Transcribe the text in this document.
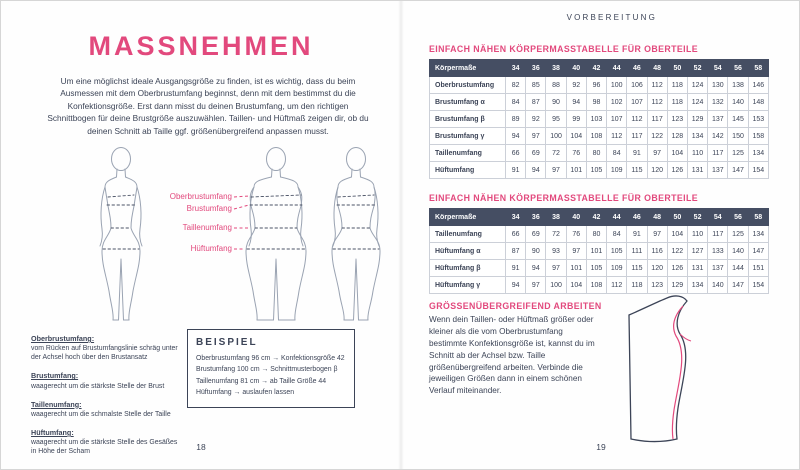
MASSNEHMEN

Um eine möglichst ideale Ausgangsgröße zu finden, ist es wichtig, dass du beim Ausmessen mit dem Oberbrustumfang beginnst, denn mit dem bestimmst du die Konfektionsgröße. Erst dann misst du deinen Brustumfang, um den richtigen Schnittbogen für deine Brustgröße auszuwählen. Taillen- und Hüftmaß zeigen dir, ob du deinen Schnitt ab Taille ggf. größenübergreifend anpassen musst.

Oberbrustumfang
Brustumfang
Taillenumfang
Hüftumfang
Oberbrustumfang:
vom Rücken auf Brustumfangslinie schräg unter der Achsel hoch über den Brustansatz
Brustumfang:
waagerecht um die stärkste Stelle der Brust
Taillenumfang:
waagerecht um die schmalste Stelle der Taille
Hüftumfang:
waagerecht um die stärkste Stelle des Gesäßes in Höhe der Scham
BEISPIEL
Oberbrustumfang 96 cm → Konfektionsgröße 42
Brustumfang 100 cm → Schnittmusterbogen β
Taillenumfang 81 cm → ab Taille Größe 44
Hüftumfang → auslaufen lassen
18
VORBEREITUNG
EINFACH NÄHEN KÖRPERMASSTABELLE FÜR OBERTEILE
Körpermaße	34	36	38	40	42	44	46	48	50	52	54	56	58
Oberbrustumfang	82	85	88	92	96	100	106	112	118	124	130	138	146
Brustumfang α	84	87	90	94	98	102	107	112	118	124	132	140	148
Brustumfang β	89	92	95	99	103	107	112	117	123	129	137	145	153
Brustumfang γ	94	97	100	104	108	112	117	122	128	134	142	150	158
Taillenumfang	66	69	72	76	80	84	91	97	104	110	117	125	134
Hüftumfang	91	94	97	101	105	109	115	120	126	131	137	147	154
EINFACH NÄHEN KÖRPERMASSTABELLE FÜR OBERTEILE
Körpermaße	34	36	38	40	42	44	46	48	50	52	54	56	58
Taillenumfang	66	69	72	76	80	84	91	97	104	110	117	125	134
Hüftumfang α	87	90	93	97	101	105	111	116	122	127	133	140	147
Hüftumfang β	91	94	97	101	105	109	115	120	126	131	137	144	151
Hüftumfang γ	94	97	100	104	108	112	118	123	129	134	140	147	154
GRÖSSENÜBERGREIFEND ARBEITEN

Wenn dein Taillen- oder Hüftmaß größer oder kleiner als die vom Oberbrustumfang bestimmte Konfektionsgröße ist, kannst du im Schnitt ab der Achsel bzw. Taille größenübergreifend arbeiten. Verbinde die jeweiligen Größen dann in einem schönen Verlauf miteinander.

19
